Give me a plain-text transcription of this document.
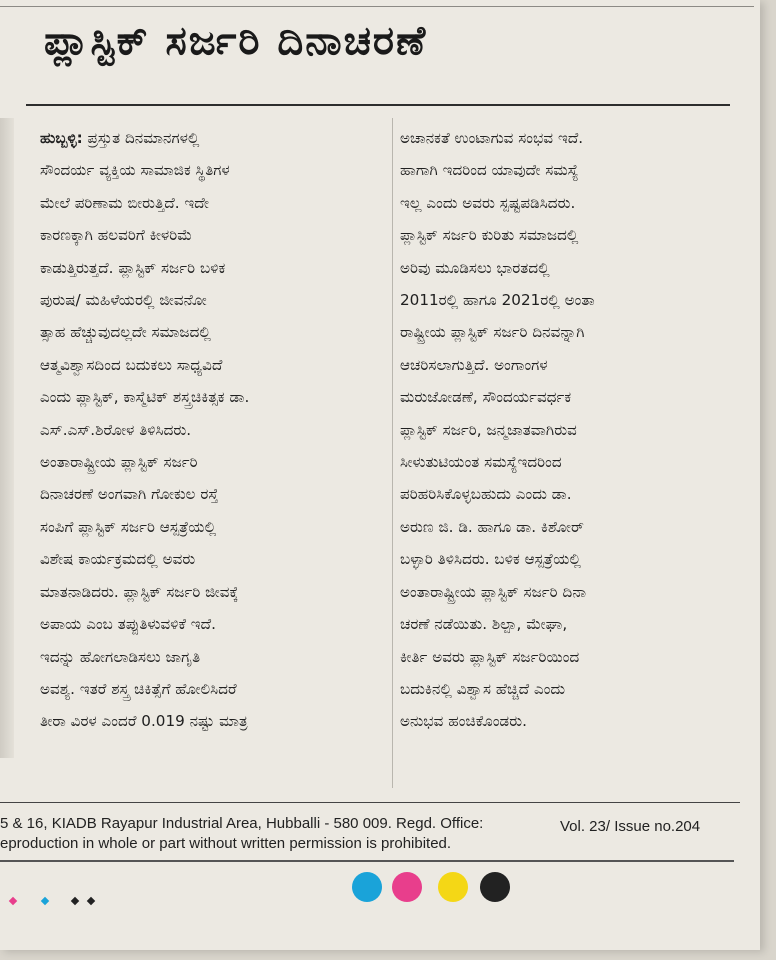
ಪ್ಲಾಸ್ಟಿಕ್ ಸರ್ಜರಿ ದಿನಾಚರಣೆ
ಹುಬ್ಬಳ್ಳಿ: ಪ್ರಸ್ತುತ ದಿನಮಾನಗಳಲ್ಲಿ
ಸೌಂದರ್ಯ ವ್ಯಕ್ತಿಯ ಸಾಮಾಜಿಕ ಸ್ಥಿತಿಗಳ
ಮೇಲೆ ಪರಿಣಾಮ ಬೀರುತ್ತಿದೆ. ಇದೇ
ಕಾರಣಕ್ಕಾಗಿ ಹಲವರಿಗೆ ಕೀಳರಿಮೆ
ಕಾಡುತ್ತಿರುತ್ತದೆ. ಪ್ಲಾಸ್ಟಿಕ್ ಸರ್ಜರಿ ಬಳಿಕ
ಪುರುಷ/ ಮಹಿಳೆಯರಲ್ಲಿ ಜೀವನೋ
ತ್ಸಾಹ ಹೆಚ್ಚುವುದಲ್ಲದೇ ಸಮಾಜದಲ್ಲಿ
ಆತ್ಮವಿಶ್ವಾಸದಿಂದ ಬದುಕಲು ಸಾಧ್ಯವಿದೆ
ಎಂದು ಪ್ಲಾಸ್ಟಿಕ್, ಕಾಸ್ಮೆಟಿಕ್ ಶಸ್ತ್ರಚಿಕಿತ್ಸಕ ಡಾ.
ಎಸ್.ಎಸ್.ಶಿರೋಳ ತಿಳಿಸಿದರು.
ಅಂತಾರಾಷ್ಟ್ರೀಯ ಪ್ಲಾಸ್ಟಿಕ್ ಸರ್ಜರಿ
ದಿನಾಚರಣೆ ಅಂಗವಾಗಿ ಗೋಕುಲ ರಸ್ತೆ
ಸಂಪಿಗೆ ಪ್ಲಾಸ್ಟಿಕ್ ಸರ್ಜರಿ ಆಸ್ಪತ್ರೆಯಲ್ಲಿ
ವಿಶೇಷ ಕಾರ್ಯಕ್ರಮದಲ್ಲಿ ಅವರು
ಮಾತನಾಡಿದರು. ಪ್ಲಾಸ್ಟಿಕ್ ಸರ್ಜರಿ ಜೀವಕ್ಕೆ
ಅಪಾಯ ಎಂಬ ತಪ್ಪುತಿಳುವಳಿಕೆ ಇದೆ.
ಇದನ್ನು ಹೋಗಲಾಡಿಸಲು ಜಾಗೃತಿ
ಅವಶ್ಯ. ಇತರೆ ಶಸ್ತ್ರ ಚಿಕಿತ್ಸೆಗೆ ಹೋಲಿಸಿದರೆ
ತೀರಾ ವಿರಳ ಎಂದರೆ 0.019 ನಷ್ಟು ಮಾತ್ರ
ಅಚಾನಕತೆ ಉಂಟಾಗುವ ಸಂಭವ ಇದೆ.
ಹಾಗಾಗಿ ಇದರಿಂದ ಯಾವುದೇ ಸಮಸ್ಯೆ
ಇಲ್ಲ ಎಂದು ಅವರು ಸ್ಪಷ್ಟಪಡಿಸಿದರು.
ಪ್ಲಾಸ್ಟಿಕ್ ಸರ್ಜರಿ ಕುರಿತು ಸಮಾಜದಲ್ಲಿ
ಅರಿವು ಮೂಡಿಸಲು ಭಾರತದಲ್ಲಿ
2011ರಲ್ಲಿ ಹಾಗೂ 2021ರಲ್ಲಿ ಅಂತಾ
ರಾಷ್ಟ್ರೀಯ ಪ್ಲಾಸ್ಟಿಕ್ ಸರ್ಜರಿ ದಿನವನ್ನಾಗಿ
ಆಚರಿಸಲಾಗುತ್ತಿದೆ. ಅಂಗಾಂಗಳ
ಮರುಜೋಡಣೆ, ಸೌಂದರ್ಯವರ್ಧಕ
ಪ್ಲಾಸ್ಟಿಕ್ ಸರ್ಜರಿ, ಜನ್ಮಜಾತವಾಗಿರುವ
ಸೀಳುತುಟಿಯಂತ ಸಮಸ್ಯೆಇದರಿಂದ
ಪರಿಹರಿಸಿಕೊಳ್ಳಬಹುದು ಎಂದು ಡಾ.
ಅರುಣ ಜಿ. ಡಿ. ಹಾಗೂ ಡಾ. ಕಿಶೋರ್
ಬಳ್ಳಾರಿ ತಿಳಿಸಿದರು. ಬಳಿಕ ಆಸ್ಪತ್ರೆಯಲ್ಲಿ
ಅಂತಾರಾಷ್ಟ್ರೀಯ ಪ್ಲಾಸ್ಟಿಕ್ ಸರ್ಜರಿ ದಿನಾ
ಚರಣೆ ನಡೆಯಿತು. ಶಿಲ್ಪಾ, ಮೇಘಾ,
ಕೀರ್ತಿ ಅವರು ಪ್ಲಾಸ್ಟಿಕ್ ಸರ್ಜರಿಯಿಂದ
ಬದುಕಿನಲ್ಲಿ ವಿಶ್ವಾಸ ಹೆಚ್ಚಿದೆ ಎಂದು
ಅನುಭವ ಹಂಚಿಕೊಂಡರು.
5 & 16, KIADB Rayapur Industrial Area, Hubballi - 580 009. Regd. Office:
eproduction in whole or part without written permission is prohibited.
Vol. 23/ Issue no.204
